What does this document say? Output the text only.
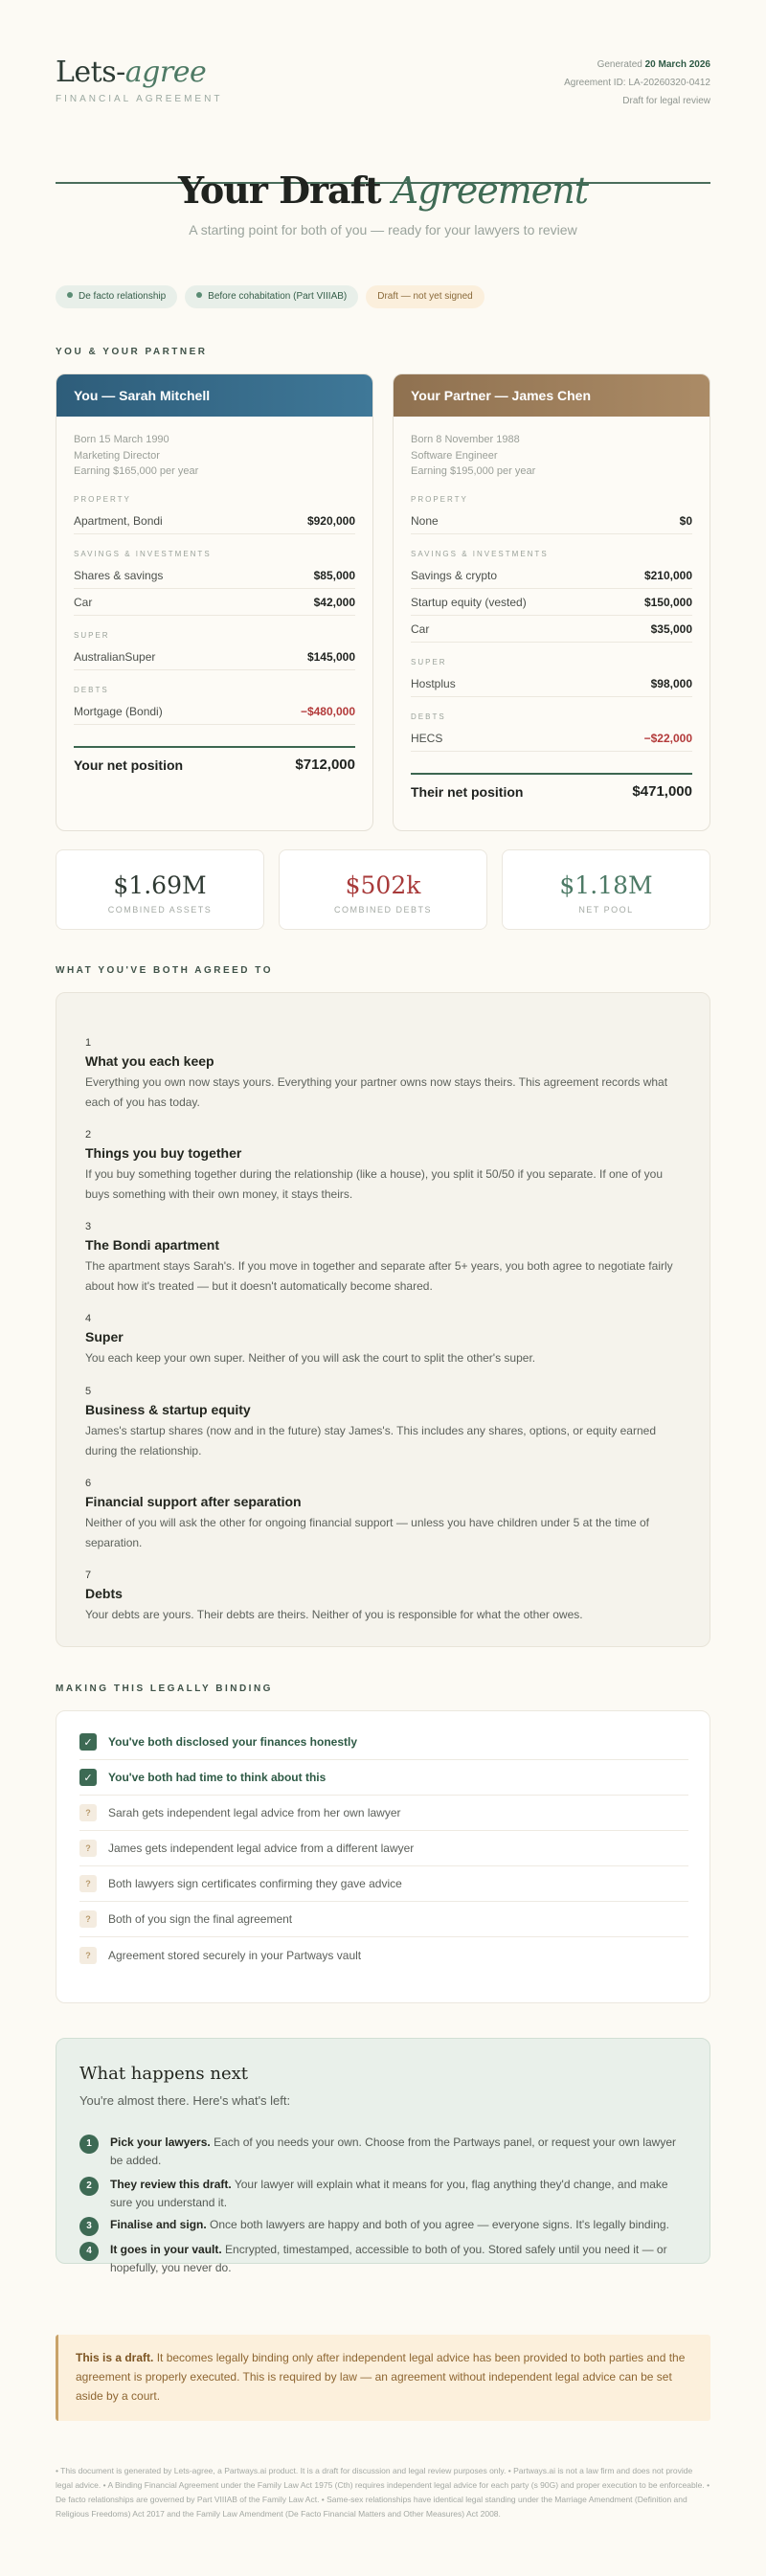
Lets-agree
FINANCIAL AGREEMENT
Generated 20 March 2026
Agreement ID: LA-20260320-0412
Draft for legal review
Your Draft Agreement
A starting point for both of you — ready for your lawyers to review
De facto relationship	Before cohabitation (Part VIIIAB)	Draft — not yet signed
YOU & YOUR PARTNER
You — Sarah Mitchell
Born 15 March 1990
Marketing Director
Earning $165,000 per year
PROPERTY
Apartment, Bondi	$920,000
SAVINGS & INVESTMENTS
Shares & savings	$85,000
Car	$42,000
SUPER
AustralianSuper	$145,000
DEBTS
Mortgage (Bondi)	−$480,000
Your net position	$712,000
Your Partner — James Chen
Born 8 November 1988
Software Engineer
Earning $195,000 per year
PROPERTY
None	$0
SAVINGS & INVESTMENTS
Savings & crypto	$210,000
Startup equity (vested)	$150,000
Car	$35,000
SUPER
Hostplus	$98,000
DEBTS
HECS	−$22,000
Their net position	$471,000
$1.69M
COMBINED ASSETS
$502k
COMBINED DEBTS
$1.18M
NET POOL
WHAT YOU'VE BOTH AGREED TO
1
What you each keep
Everything you own now stays yours. Everything your partner owns now stays theirs. This agreement records what each of you has today.
2
Things you buy together
If you buy something together during the relationship (like a house), you split it 50/50 if you separate. If one of you buys something with their own money, it stays theirs.
3
The Bondi apartment
The apartment stays Sarah's. If you move in together and separate after 5+ years, you both agree to negotiate fairly about how it's treated — but it doesn't automatically become shared.
4
Super
You each keep your own super. Neither of you will ask the court to split the other's super.
5
Business & startup equity
James's startup shares (now and in the future) stay James's. This includes any shares, options, or equity earned during the relationship.
6
Financial support after separation
Neither of you will ask the other for ongoing financial support — unless you have children under 5 at the time of separation.
7
Debts
Your debts are yours. Their debts are theirs. Neither of you is responsible for what the other owes.
MAKING THIS LEGALLY BINDING
✓	You've both disclosed your finances honestly
✓	You've both had time to think about this
?	Sarah gets independent legal advice from her own lawyer
?	James gets independent legal advice from a different lawyer
?	Both lawyers sign certificates confirming they gave advice
?	Both of you sign the final agreement
?	Agreement stored securely in your Partways vault
What happens next
You're almost there. Here's what's left:
1	Pick your lawyers. Each of you needs your own. Choose from the Partways panel, or request your own lawyer be added.
2	They review this draft. Your lawyer will explain what it means for you, flag anything they'd change, and make sure you understand it.
3	Finalise and sign. Once both lawyers are happy and both of you agree — everyone signs. It's legally binding.
4	It goes in your vault. Encrypted, timestamped, accessible to both of you. Stored safely until you need it — or hopefully, you never do.
This is a draft. It becomes legally binding only after independent legal advice has been provided to both parties and the agreement is properly executed. This is required by law — an agreement without independent legal advice can be set aside by a court.
• This document is generated by Lets-agree, a Partways.ai product. It is a draft for discussion and legal review purposes only. • Partways.ai is not a law firm and does not provide legal advice. • A Binding Financial Agreement under the Family Law Act 1975 (Cth) requires independent legal advice for each party (s 90G) and proper execution to be enforceable. • De facto relationships are governed by Part VIIIAB of the Family Law Act. • Same-sex relationships have identical legal standing under the Marriage Amendment (Definition and Religious Freedoms) Act 2017 and the Family Law Amendment (De Facto Financial Matters and Other Measures) Act 2008.
